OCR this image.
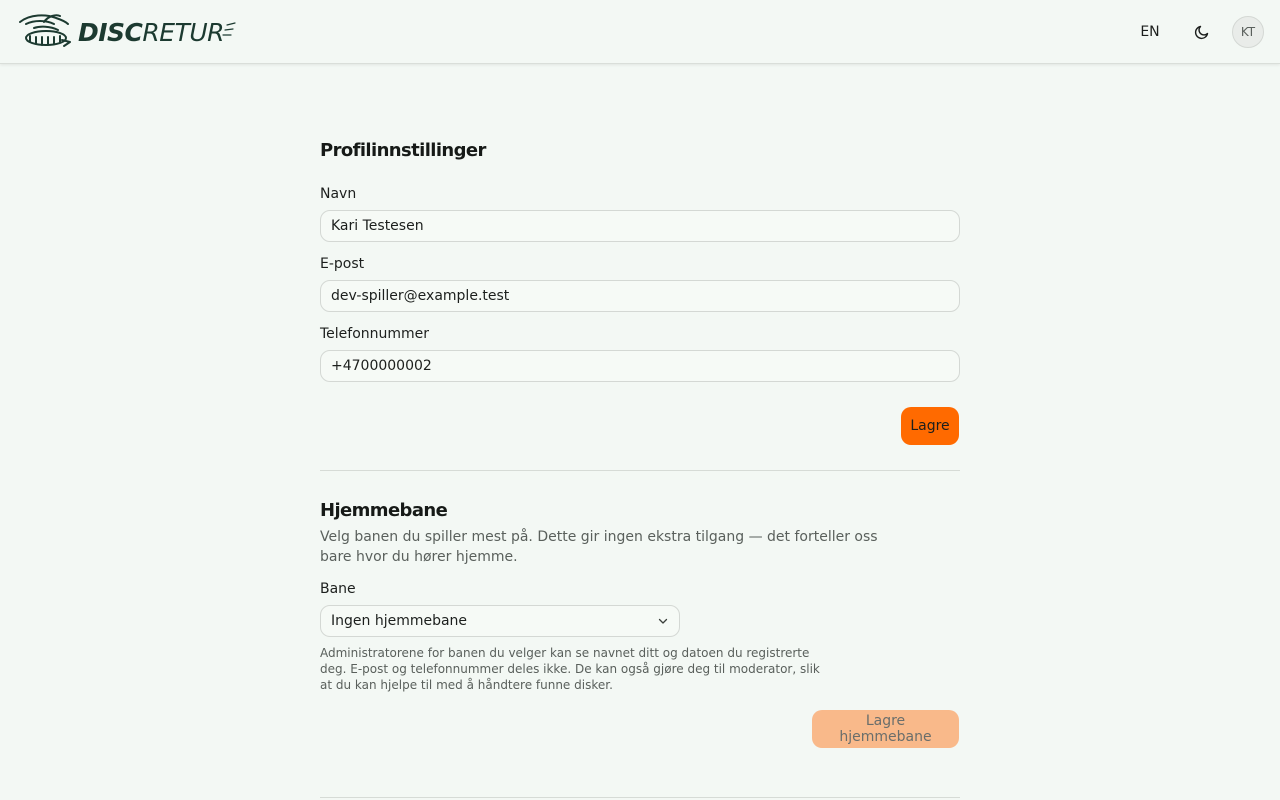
DISC RETUR	EN	KT
Profilinnstillinger
Navn
Kari Testesen
E-post
dev-spiller@example.test
Telefonnummer
+4700000002
Lagre
Hjemmebane

Velg banen du spiller mest på. Dette gir ingen ekstra tilgang — det forteller oss bare hvor du hører hjemme.

Bane
Ingen hjemmebane

Administratorene for banen du velger kan se navnet ditt og datoen du registrerte deg. E-post og telefonnummer deles ikke. De kan også gjøre deg til moderator, slik at du kan hjelpe til med å håndtere funne disker.

Lagre hjemmebane
